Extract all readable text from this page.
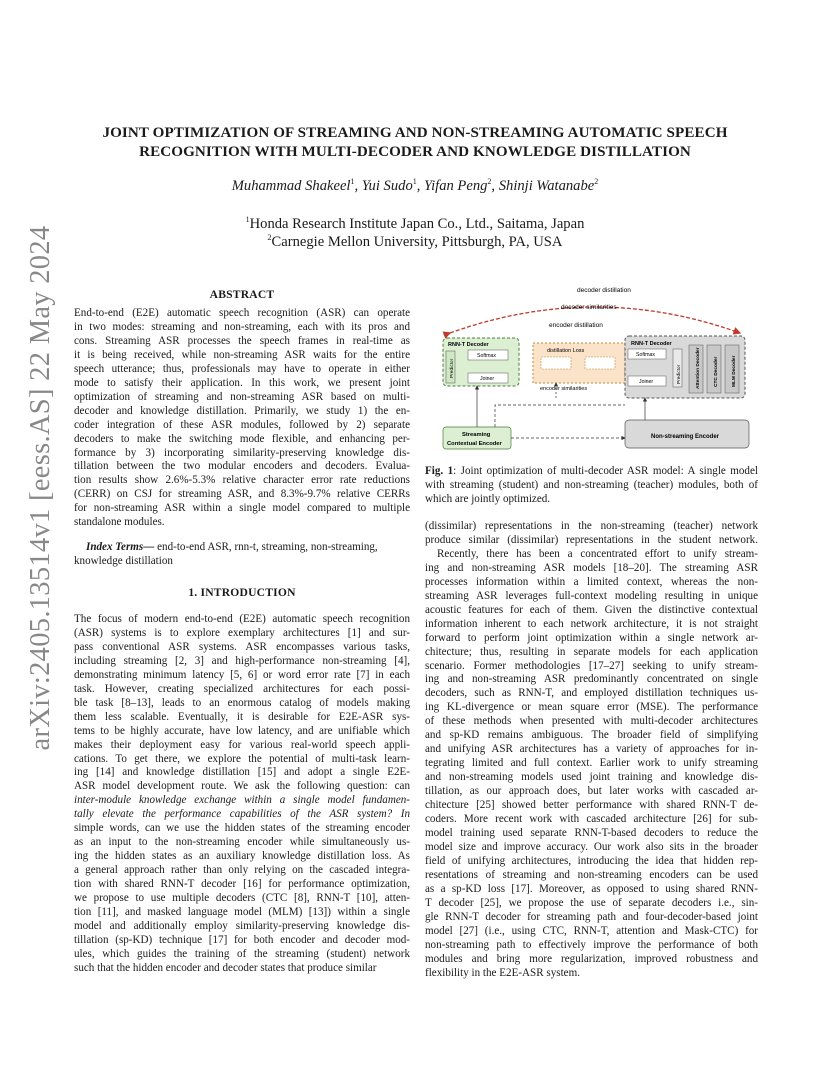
arXiv:2405.13514v1 [eess.AS] 22 May 2024
JOINT OPTIMIZATION OF STREAMING AND NON-STREAMING AUTOMATIC SPEECH
RECOGNITION WITH MULTI-DECODER AND KNOWLEDGE DISTILLATION
Muhammad Shakeel$^1$, Yui Sudo$^1$, Yifan Peng$^2$, Shinji Watanabe$^2$
$^1$Honda Research Institute Japan Co., Ltd., Saitama, Japan
$^2$Carnegie Mellon University, Pittsburgh, PA, USA
ABSTRACT
End-to-end (E2E) automatic speech recognition (ASR) can operate
in two modes: streaming and non-streaming, each with its pros and
cons. Streaming ASR processes the speech frames in real-time as
it is being received, while non-streaming ASR waits for the entire
speech utterance; thus, professionals may have to operate in either
mode to satisfy their application. In this work, we present joint
optimization of streaming and non-streaming ASR based on multi-
decoder and knowledge distillation. Primarily, we study 1) the en-
coder integration of these ASR modules, followed by 2) separate
decoders to make the switching mode flexible, and enhancing per-
formance by 3) incorporating similarity-preserving knowledge dis-
tillation between the two modular encoders and decoders. Evalua-
tion results show 2.6%-5.3% relative character error rate reductions
(CERR) on CSJ for streaming ASR, and 8.3%-9.7% relative CERRs
for non-streaming ASR within a single model compared to multiple
standalone modules.
Index Terms— end-to-end ASR, rnn-t, streaming, non-streaming,
knowledge distillation
1. INTRODUCTION
The focus of modern end-to-end (E2E) automatic speech recognition
(ASR) systems is to explore exemplary architectures [1] and sur-
pass conventional ASR systems. ASR encompasses various tasks,
including streaming [2, 3] and high-performance non-streaming [4],
demonstrating minimum latency [5, 6] or word error rate [7] in each
task. However, creating specialized architectures for each possi-
ble task [8–13], leads to an enormous catalog of models making
them less scalable. Eventually, it is desirable for E2E-ASR sys-
tems to be highly accurate, have low latency, and are unifiable which
makes their deployment easy for various real-world speech appli-
cations. To get there, we explore the potential of multi-task learn-
ing [14] and knowledge distillation [15] and adopt a single E2E-
ASR model development route. We ask the following question: can
inter-module knowledge exchange within a single model fundamen-
tally elevate the performance capabilities of the ASR system? In
simple words, can we use the hidden states of the streaming encoder
as an input to the non-streaming encoder while simultaneously us-
ing the hidden states as an auxiliary knowledge distillation loss. As
a general approach rather than only relying on the cascaded integra-
tion with shared RNN-T decoder [16] for performance optimization,
we propose to use multiple decoders (CTC [8], RNN-T [10], atten-
tion [11], and masked language model (MLM) [13]) within a single
model and additionally employ similarity-preserving knowledge dis-
tillation (sp-KD) technique [17] for both encoder and decoder mod-
ules, which guides the training of the streaming (student) network
such that the hidden encoder and decoder states that produce similar
decoder distillation
decoder similarities
encoder distillation
RNN-T Decoder
Predictor
Softmax
Joiner
distillation Loss
encoder similarities
RNN-T Decoder
Softmax
Joiner	Predictor	Attention Decoder	CTC Decoder	MLM Decoder
Streaming
Contextual Encoder
Non-streaming Encoder
Fig. 1: Joint optimization of multi-decoder ASR model: A single model with streaming (student) and non-streaming (teacher) modules, both of which are jointly optimized.
(dissimilar) representations in the non-streaming (teacher) network
produce similar (dissimilar) representations in the student network.
Recently, there has been a concentrated effort to unify stream-
ing and non-streaming ASR models [18–20]. The streaming ASR
processes information within a limited context, whereas the non-
streaming ASR leverages full-context modeling resulting in unique
acoustic features for each of them. Given the distinctive contextual
information inherent to each network architecture, it is not straight
forward to perform joint optimization within a single network ar-
chitecture; thus, resulting in separate models for each application
scenario. Former methodologies [17–27] seeking to unify stream-
ing and non-streaming ASR predominantly concentrated on single
decoders, such as RNN-T, and employed distillation techniques us-
ing KL-divergence or mean square error (MSE). The performance
of these methods when presented with multi-decoder architectures
and sp-KD remains ambiguous. The broader field of simplifying
and unifying ASR architectures has a variety of approaches for in-
tegrating limited and full context. Earlier work to unify streaming
and non-streaming models used joint training and knowledge dis-
tillation, as our approach does, but later works with cascaded ar-
chitecture [25] showed better performance with shared RNN-T de-
coders. More recent work with cascaded architecture [26] for sub-
model training used separate RNN-T-based decoders to reduce the
model size and improve accuracy. Our work also sits in the broader
field of unifying architectures, introducing the idea that hidden rep-
resentations of streaming and non-streaming encoders can be used
as a sp-KD loss [17]. Moreover, as opposed to using shared RNN-
T decoder [25], we propose the use of separate decoders i.e., sin-
gle RNN-T decoder for streaming path and four-decoder-based joint
model [27] (i.e., using CTC, RNN-T, attention and Mask-CTC) for
non-streaming path to effectively improve the performance of both
modules and bring more regularization, improved robustness and
flexibility in the E2E-ASR system.
